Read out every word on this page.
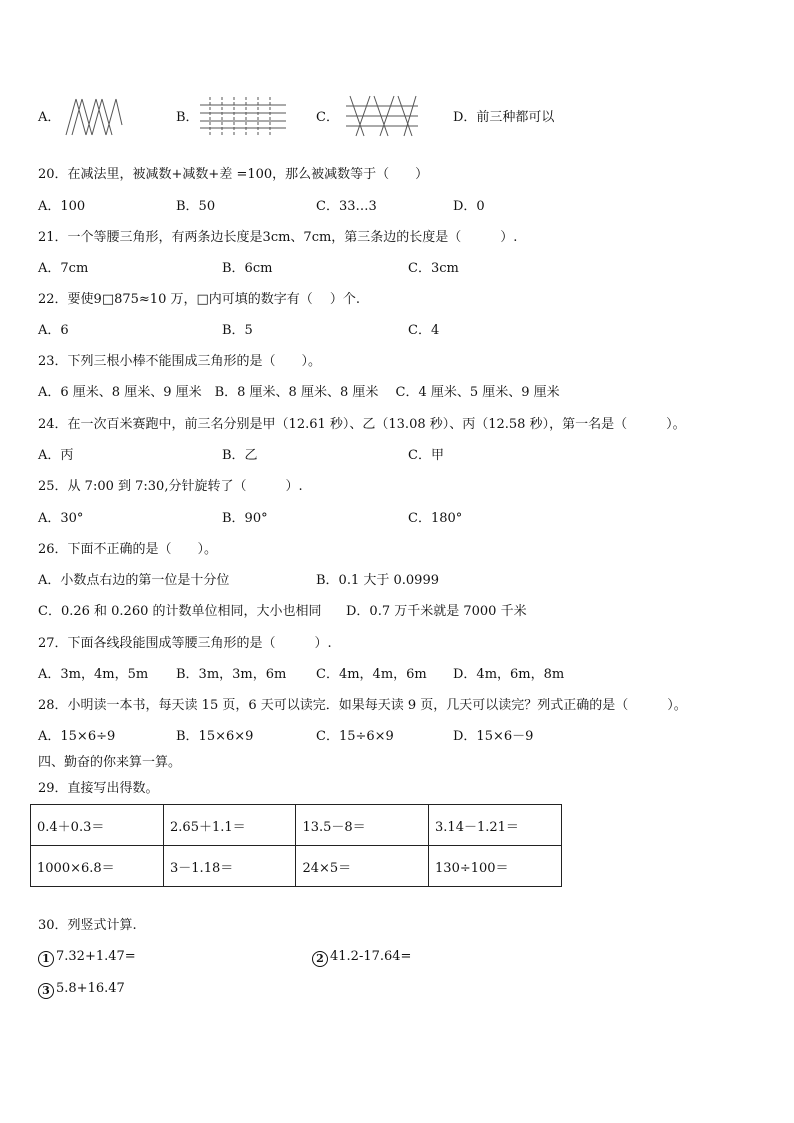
A．	B．	C．	D．前三种都可以
20．在减法里，被减数+减数+差 =100，那么被减数等于（　　）
A．100	B．50	C．33…3	D．0
21．一个等腰三角形，有两条边长度是3cm、7cm，第三条边的长度是（　　　）.
A．7cm	B．6cm	C．3cm
22．要使9□875≈10 万，□内可填的数字有（　 ）个.
A．6	B．5	C．4
23．下列三根小棒不能围成三角形的是（　　）。
A．6 厘米、8 厘米、9 厘米　B．8 厘米、8 厘米、8 厘米　 C．4 厘米、5 厘米、9 厘米
24．在一次百米赛跑中，前三名分别是甲（12.61 秒）、乙（13.08 秒）、丙（12.58 秒），第一名是（　　　）。
A．丙	B．乙	C．甲
25．从 7:00 到 7:30,分针旋转了（　　　）.
A．30°	B．90°	C．180°
26．下面不正确的是（　　）。
A．小数点右边的第一位是十分位	B．0.1 大于 0.0999
C．0.26 和 0.260 的计数单位相同，大小也相同 D．0.7 万千米就是 7000 千米
27．下面各线段能围成等腰三角形的是（　　　）.
A．3m，4m，5m B．3m，3m，6m C．4m，4m，6m D．4m，6m，8m
28．小明读一本书，每天读 15 页，6 天可以读完．如果每天读 9 页，几天可以读完？列式正确的是（　　　）。
A．15×6÷9	B．15×6×9	C．15÷6×9	D．15×6－9
四、勤奋的你来算一算。
29．直接写出得数。
0.4＋0.3＝	2.65＋1.1＝	13.5－8＝	3.14－1.21＝
1000×6.8＝	3－1.18＝	24×5＝	130÷100＝
30．列竖式计算.
1 7.32+1.47=	2 41.2-17.64=
3 5.8+16.47
